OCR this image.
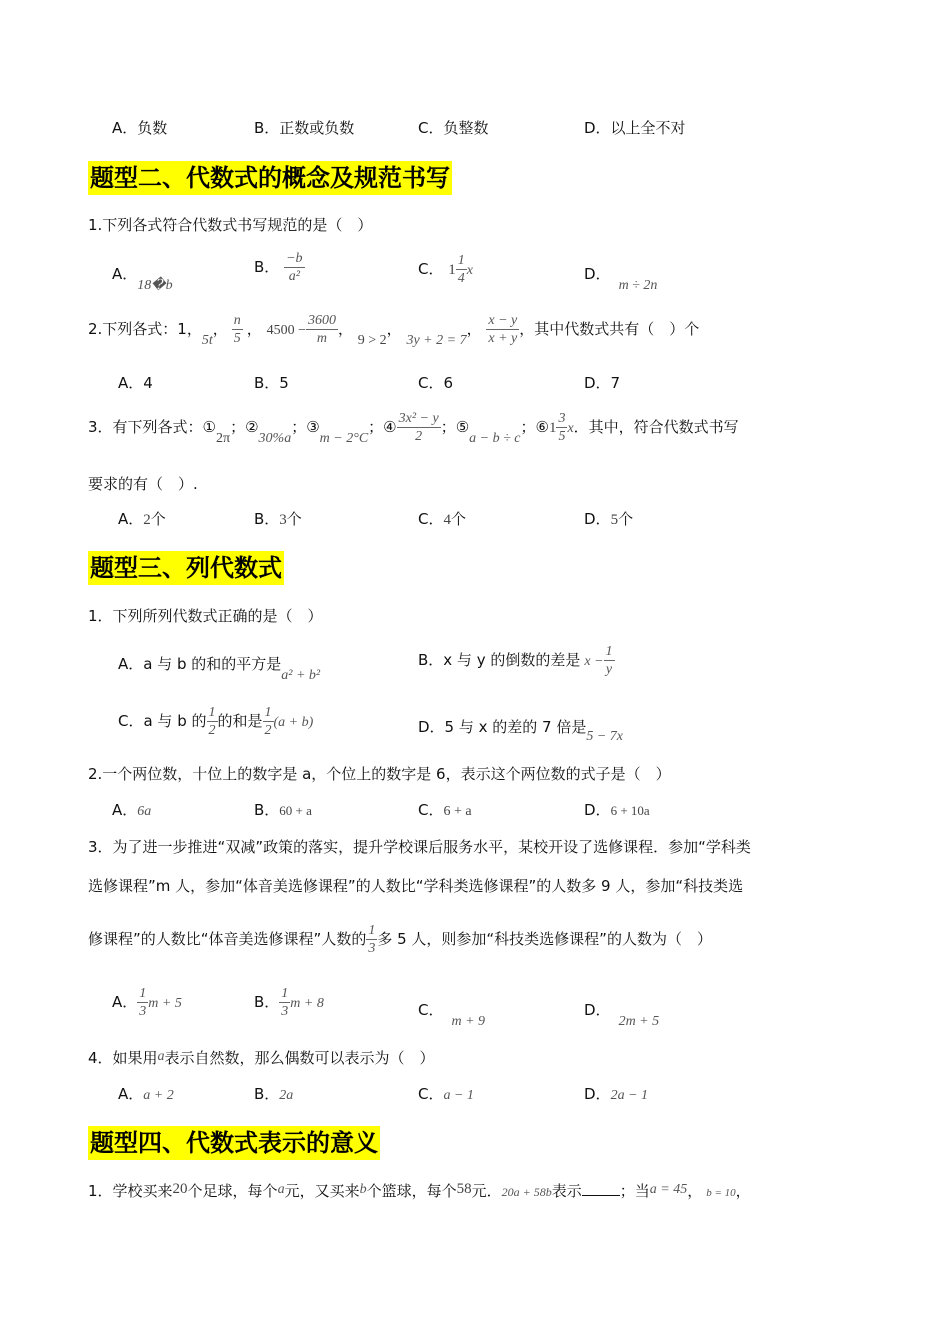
A．负数	B．正数或负数	C．负整数	D．以上全不对
题型二、代数式的概念及规范书写
1.下列各式符合代数式书写规范的是（　）
A．18�b
B． $\frac{-b}{\text{a²}}$	C． $1 \frac{1}{4}$ x	D．m ÷ 2n
2.下列各式：1，5t， $\frac{n}{5}$ ， $4500 - \frac{3600}{m}$ ， 9 > 2， 3y + 2 = 7， $\frac{x - y}{x + y}$ ，其中代数式共有（　）个
A．4	B．5	C．6	D．7
3．有下列各式：①2π；②30%a；③m − 2°C；④ $\frac{\text{3x² − y}}{2}$ ；⑤a − b ÷ c；⑥1 $\frac{3}{5}$ x．其中，符合代数式书写
要求的有（　）.
A．2个	B．3个	C．4个	D．5个
题型三、列代数式
1．下列所列代数式正确的是（　）
A．a 与 b 的和的平方是a² + b²
B．x 与 y 的倒数的差是 $x - \frac{1}{y}$
C．a 与 b 的 $\frac{1}{2}$ 的和是 $\frac{1}{2} (a + b)$	D．5 与 x 的差的 7 倍是5 − 7x
2.一个两位数，十位上的数字是 a，个位上的数字是 6，表示这个两位数的式子是（　）
A．6a	B．60 + a	C．6 + a	D．6 + 10a
3．为了进一步推进“双减”政策的落实，提升学校课后服务水平，某校开设了选修课程．参加“学科类
选修课程”m 人，参加“体音美选修课程”的人数比“学科类选修课程”的人数多 9 人，参加“科技类选
修课程”的人数比“体音美选修课程”人数的 $\frac{1}{3}$ 多 5 人，则参加“科技类选修课程”的人数为（　）
A． $\frac{1}{3}$ m + 5	B． $\frac{1}{3}$ m + 8	C．m + 9
D．2m + 5
4．如果用a表示自然数，那么偶数可以表示为（　）
A．a + 2	B．2a	C．a − 1	D．2a − 1
题型四、代数式表示的意义
1．学校买来20个足球，每个a元，又买来b个篮球，每个58元．20a + 58b表示	；当a = 45， b = 10，
